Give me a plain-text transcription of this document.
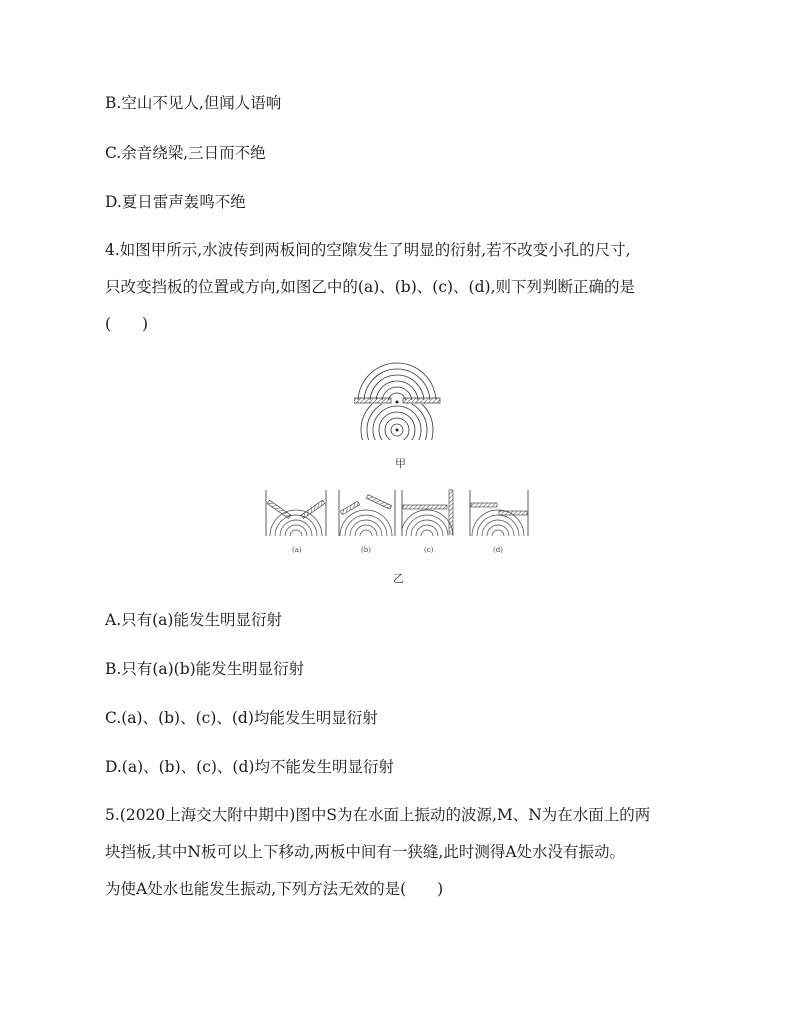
B.空山不见人,但闻人语响
C.余音绕梁,三日而不绝
D.夏日雷声轰鸣不绝
4.如图甲所示,水波传到两板间的空隙发生了明显的衍射,若不改变小孔的尺寸,
只改变挡板的位置或方向,如图乙中的(a)、(b)、(c)、(d),则下列判断正确的是
(　　)
甲
(a)	(b)	(c)	(d)
乙
A.只有(a)能发生明显衍射
B.只有(a)(b)能发生明显衍射
C.(a)、(b)、(c)、(d)均能发生明显衍射
D.(a)、(b)、(c)、(d)均不能发生明显衍射
5.(2020上海交大附中期中)图中S为在水面上振动的波源,M、N为在水面上的两
块挡板,其中N板可以上下移动,两板中间有一狭缝,此时测得A处水没有振动。
为使A处水也能发生振动,下列方法无效的是(　　)
